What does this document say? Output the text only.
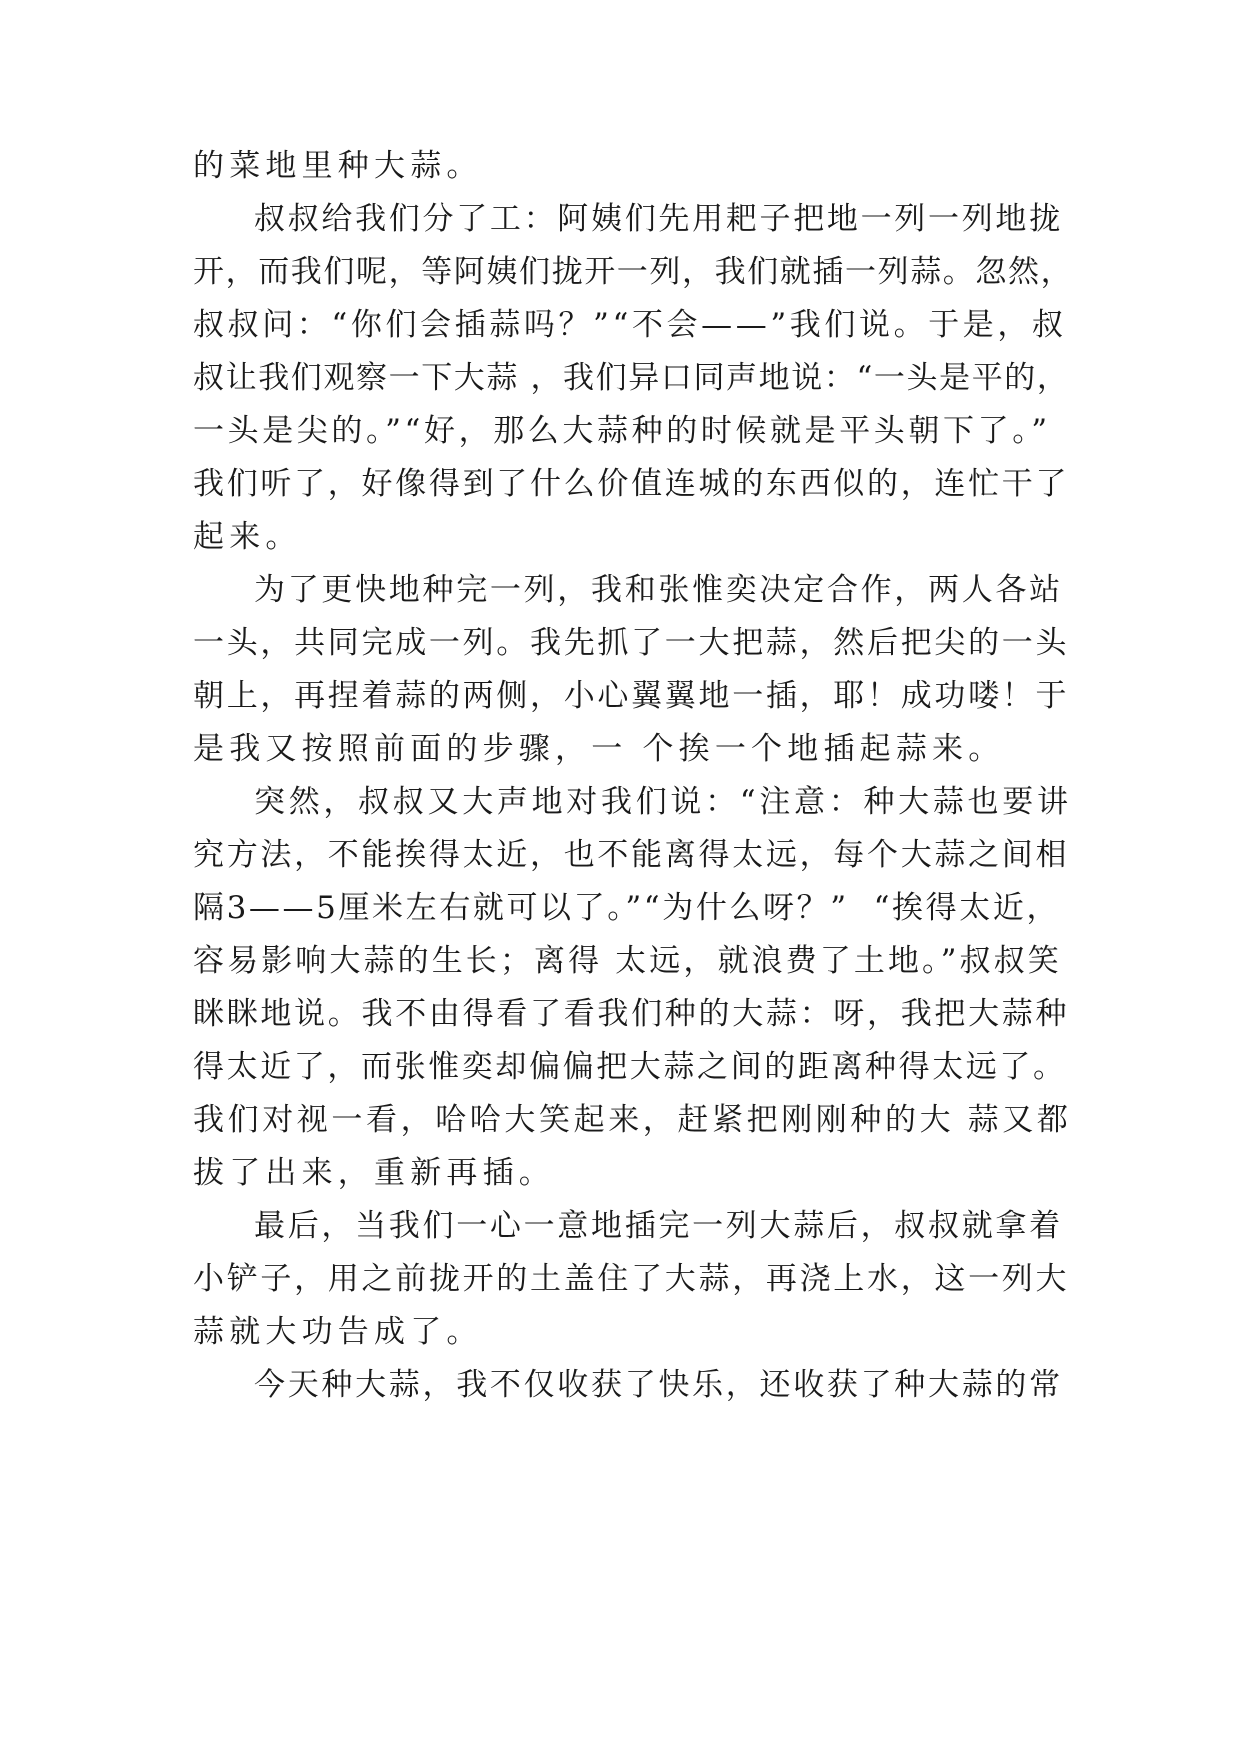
的菜地里种大蒜。
叔叔给我们分了工：阿姨们先用耙子把地一列一列地拢
开，而我们呢，等阿姨们拢开一列，我们就插一列蒜。忽然，
叔叔问：“你们会插蒜吗？”“不会——”我们说。于是，叔
叔让我们观察一下大蒜 ，我们异口同声地说：“一头是平的，
一头是尖的。”“好，那么大蒜种的时候就是平头朝下了。”
我们听了，好像得到了什么价值连城的东西似的，连忙干了
起来。
为了更快地种完一列，我和张惟奕决定合作，两人各站
一头，共同完成一列。我先抓了一大把蒜，然后把尖的一头
朝上，再捏着蒜的两侧，小心翼翼地一插，耶！成功喽！于
是我又按照前面的步骤，一 个挨一个地插起蒜来。
突然，叔叔又大声地对我们说：“注意：种大蒜也要讲
究方法，不能挨得太近，也不能离得太远，每个大蒜之间相
隔3——5厘米左右就可以了。”“为什么呀？”  “挨得太近，
容易影响大蒜的生长；离得 太远，就浪费了土地。”叔叔笑
眯眯地说。我不由得看了看我们种的大蒜：呀，我把大蒜种
得太近了，而张惟奕却偏偏把大蒜之间的距离种得太远了。
我们对视一看，哈哈大笑起来，赶紧把刚刚种的大 蒜又都
拔了出来，重新再插。
最后，当我们一心一意地插完一列大蒜后，叔叔就拿着
小铲子，用之前拢开的土盖住了大蒜，再浇上水，这一列大
蒜就大功告成了。
今天种大蒜，我不仅收获了快乐，还收获了种大蒜的常
